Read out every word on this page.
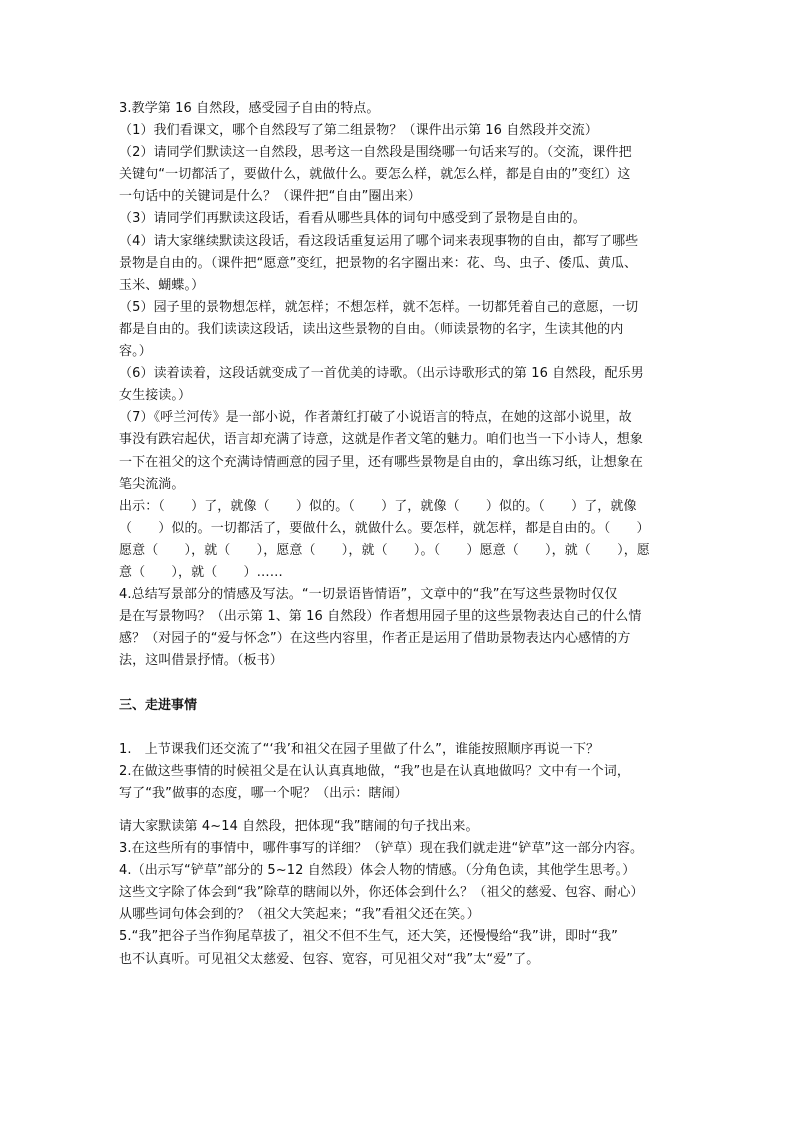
3.教学第 16 自然段，感受园子自由的特点。
（1）我们看课文，哪个自然段写了第二组景物？（课件出示第 16 自然段并交流）
（2）请同学们默读这一自然段，思考这一自然段是围绕哪一句话来写的。（交流，课件把
关键句“一切都活了，要做什么，就做什么。要怎么样，就怎么样，都是自由的”变红）这
一句话中的关键词是什么？（课件把“自由”圈出来）
（3）请同学们再默读这段话，看看从哪些具体的词句中感受到了景物是自由的。
（4）请大家继续默读这段话，看这段话重复运用了哪个词来表现事物的自由，都写了哪些
景物是自由的。（课件把“愿意”变红，把景物的名字圈出来：花、鸟、虫子、倭瓜、黄瓜、
玉米、蝴蝶。）
（5）园子里的景物想怎样，就怎样；不想怎样，就不怎样。一切都凭着自己的意愿，一切
都是自由的。我们读读这段话，读出这些景物的自由。（师读景物的名字，生读其他的内
容。）
（6）读着读着，这段话就变成了一首优美的诗歌。（出示诗歌形式的第 16 自然段，配乐男
女生接读。）
（7）《呼兰河传》是一部小说，作者萧红打破了小说语言的特点，在她的这部小说里，故
事没有跌宕起伏，语言却充满了诗意，这就是作者文笔的魅力。咱们也当一下小诗人，想象
一下在祖父的这个充满诗情画意的园子里，还有哪些景物是自由的，拿出练习纸，让想象在
笔尖流淌。
出示：（　　）了，就像（　　）似的。（　　）了，就像（　　）似的。（　　）了，就像
（　　）似的。一切都活了，要做什么，就做什么。要怎样，就怎样，都是自由的。（　　）
愿意（　　），就（　　），愿意（　　），就（　　）。（　　）愿意（　　），就（　　），愿
意（　　），就（　　）……
4.总结写景部分的情感及写法。“一切景语皆情语”，文章中的“我”在写这些景物时仅仅
是在写景物吗？（出示第 1、第 16 自然段）作者想用园子里的这些景物表达自己的什么情
感？（对园子的“爱与怀念”）在这些内容里，作者正是运用了借助景物表达内心感情的方
法，这叫借景抒情。（板书）
三、走进事情
1.　上节课我们还交流了“‘我’和祖父在园子里做了什么”，谁能按照顺序再说一下？
2.在做这些事情的时候祖父是在认认真真地做，“我”也是在认真地做吗？文中有一个词，
写了“我”做事的态度，哪一个呢？（出示：瞎闹）
请大家默读第 4~14 自然段，把体现“我”瞎闹的句子找出来。
3.在这些所有的事情中，哪件事写的详细？（铲草）现在我们就走进“铲草”这一部分内容。
4.（出示写“铲草”部分的 5~12 自然段）体会人物的情感。（分角色读，其他学生思考。）
这些文字除了体会到“我”除草的瞎闹以外，你还体会到什么？（祖父的慈爱、包容、耐心）
从哪些词句体会到的？（祖父大笑起来；“我”看祖父还在笑。）
5.“我”把谷子当作狗尾草拔了，祖父不但不生气，还大笑，还慢慢给“我”讲，即时“我”
也不认真听。可见祖父太慈爱、包容、宽容，可见祖父对“我”太“爱”了。
